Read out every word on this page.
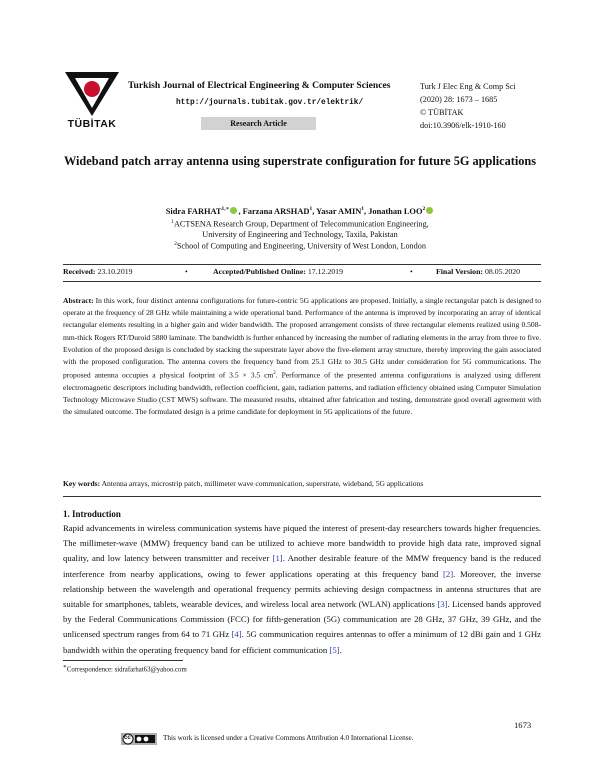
TÜBİTAK
Turkish Journal of Electrical Engineering & Computer Sciences
http://journals.tubitak.gov.tr/elektrik/
Research Article
Turk J Elec Eng & Comp Sci
(2020) 28: 1673 – 1685
© TÜBİTAK
doi:10.3906/elk-1910-160
Wideband patch array antenna using superstrate configuration for future 5G applications
Sidra $FARHAT^{1,∗}$ , Farzana ARSHAD$^1$, Yasar AMIN$^1$, Jonathan LOO$^2$
$^1$ACTSENA Research Group, Department of Telecommunication Engineering,
University of Engineering and Technology, Taxila, Pakistan
$^2$School of Computing and Engineering, University of West London, London
Received: 23.10.2019	•	Accepted/Published Online: 17.12.2019	•	Final Version: 08.05.2020
Abstract: In this work, four distinct antenna configurations for future-centric 5G applications are proposed. Initially, a single rectangular patch is designed to operate at the frequency of 28 GHz while maintaining a wide operational band. Performance of the antenna is improved by incorporating an array of identical rectangular elements resulting in a higher gain and wider bandwidth. The proposed arrangement consists of three rectangular elements realized using 0.508-mm-thick Rogers RT/Duroid 5880 laminate. The bandwidth is further enhanced by increasing the number of radiating elements in the array from three to five. Evolution of the proposed design is concluded by stacking the superstrate layer above the five-element array structure, thereby improving the gain associated with the proposed configuration. The antenna covers the frequency band from 25.1 GHz to 30.5 GHz under consideration for 5G communications. The proposed antenna occupies a physical footprint of 3.5 × 3.5 $cm^2$. Performance of the presented antenna configurations is analyzed using different electromagnetic descriptors including bandwidth, reflection coefficient, gain, radiation patterns, and radiation efficiency obtained using Computer Simulation Technology Microwave Studio (CST MWS) software. The measured results, obtained after fabrication and testing, demonstrate good overall agreement with the simulated outcome. The formulated design is a prime candidate for deployment in 5G applications of the future.
Key words: Antenna arrays, microstrip patch, millimeter wave communication, superstrate, wideband, 5G applications
1. Introduction
Rapid advancements in wireless communication systems have piqued the interest of present-day researchers towards higher frequencies. The millimeter-wave (MMW) frequency band can be utilized to achieve more bandwidth to provide high data rate, improved signal quality, and low latency between transmitter and receiver [1]. Another desirable feature of the MMW frequency band is the reduced interference from nearby applications, owing to fewer applications operating at this frequency band [2]. Moreover, the inverse relationship between the wavelength and operational frequency permits achieving design compactness in antenna structures that are suitable for smartphones, tablets, wearable devices, and wireless local area network (WLAN) applications [3]. Licensed bands approved by the Federal Communications Commission (FCC) for fifth-generation (5G) communication are 28 GHz, 37 GHz, 39 GHz, and the unlicensed spectrum ranges from 64 to 71 GHz [4]. 5G communication requires antennas to offer a minimum of 12 dBi gain and 1 GHz bandwidth within the operating frequency band for efficient communication [5].
∗Correspondence: sidrafarhat63@yahoo.com
1673
cc	This work is licensed under a Creative Commons Attribution 4.0 International License.
